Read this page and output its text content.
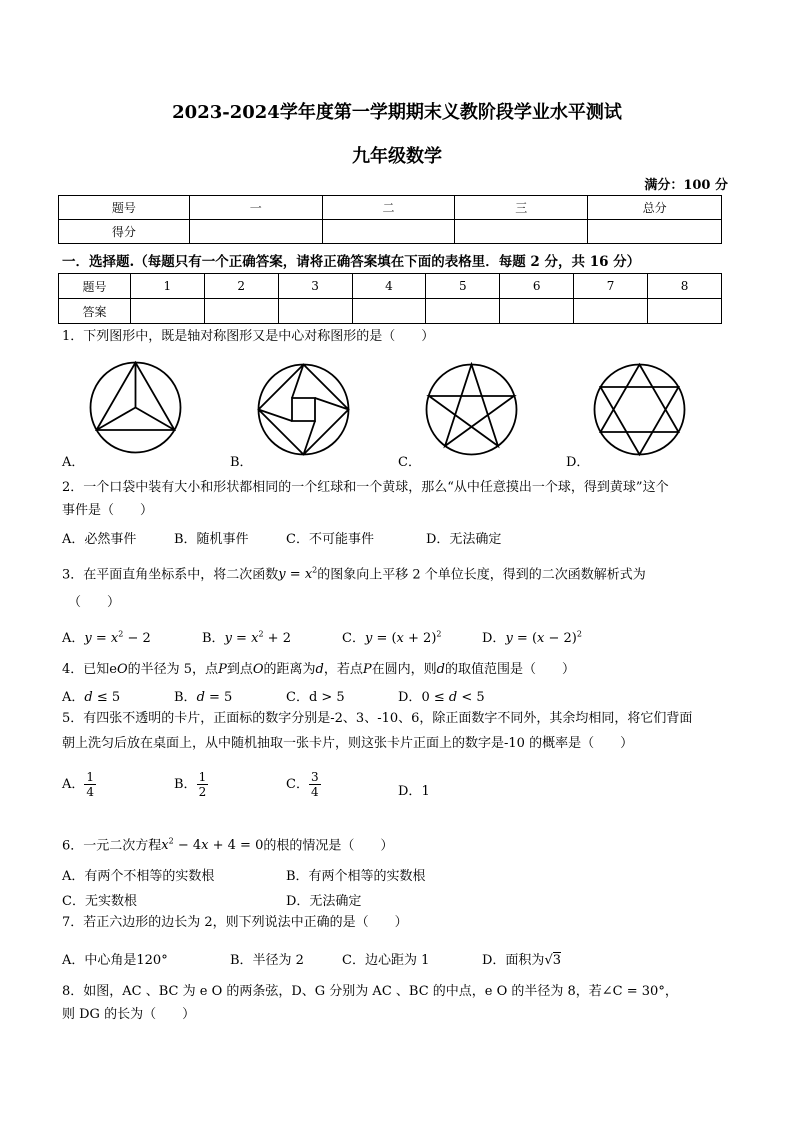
2023-2024学年度第一学期期末义教阶段学业水平测试
九年级数学
满分：100 分
题号	一	二	三	总分
得分				
一．选择题.（每题只有一个正确答案，请将正确答案填在下面的表格里．每题 2 分，共 16 分）
题号	1	2	3	4	5	6	7	8
答案								
1．下列图形中，既是轴对称图形又是中心对称图形的是（　　）
A．	B．	C．	D．
2．一个口袋中装有大小和形状都相同的一个红球和一个黄球，那么“从中任意摸出一个球，得到黄球”这个
事件是（　　）
A．必然事件	B．随机事件	C．不可能事件	D．无法确定
3．在平面直角坐标系中，将二次函数$y = x^2$的图象向上平移 2 个单位长度，得到的二次函数解析式为
（　　）
A．$y = x^2 - 2$	B．$y = x^2 + 2$	C．$y = (x + 2)^2$	D．$y = (x - 2)^2$
4．已知eO的半径为 5，点P到点O的距离为d，若点P在圆内，则d的取值范围是（　　）
A．d ≤ 5	B．d = 5	C．d > 5	D．0 ≤ d < 5
5．有四张不透明的卡片，正面标的数字分别是-2、3、-10、6，除正面数字不同外，其余均相同，将它们背面
朝上洗匀后放在桌面上，从中随机抽取一张卡片，则这张卡片正面上的数字是-10 的概率是（　　）
A． $\frac{1}{4}$	B． $\frac{1}{2}$	C． $\frac{3}{4}$	D．1
6．一元二次方程$x^2 - 4x + 4 = 0$的根的情况是（　　）
A．有两个不相等的实数根	B．有两个相等的实数根
C．无实数根	D．无法确定
7．若正六边形的边长为 2，则下列说法中正确的是（　　）
A．中心角是120°	B．半径为 2	C．边心距为 1	D．面积为√3
8．如图，AC 、BC 为 e O 的两条弦，D、G 分别为 AC 、BC 的中点，e O 的半径为 8，若∠C = 30°，
则 DG 的长为（　　）
